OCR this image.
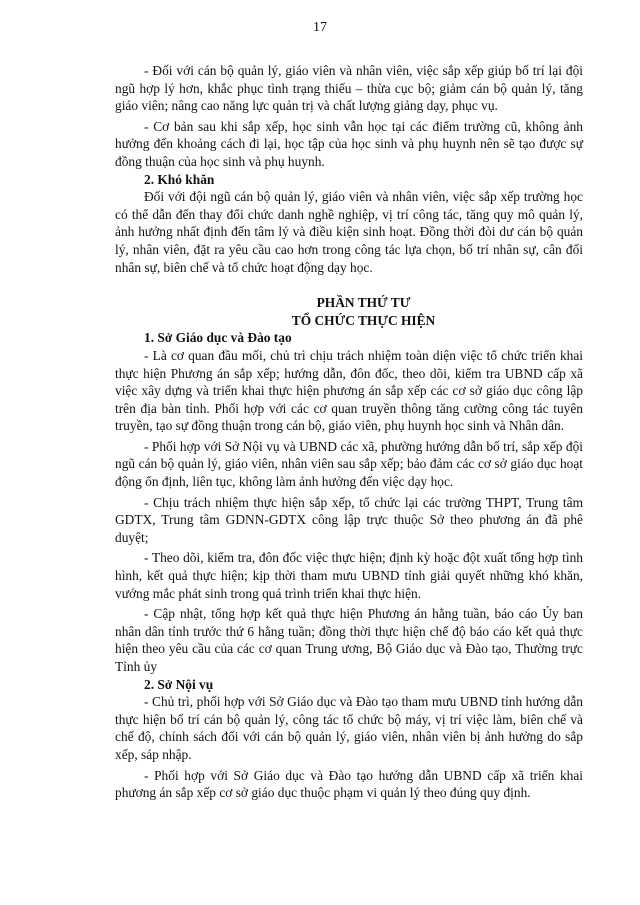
17

- Đối với cán bộ quản lý, giáo viên và nhân viên, việc sắp xếp giúp bố trí lại đội ngũ hợp lý hơn, khắc phục tình trạng thiếu – thừa cục bộ; giảm cán bộ quản lý, tăng giáo viên; nâng cao năng lực quản trị và chất lượng giảng dạy, phục vụ.

- Cơ bản sau khi sắp xếp, học sinh vẫn học tại các điểm trường cũ, không ảnh hưởng đến khoảng cách đi lại, học tập của học sinh và phụ huynh nên sẽ tạo được sự đồng thuận của học sinh và phụ huynh.

2. Khó khăn

Đối với đội ngũ cán bộ quản lý, giáo viên và nhân viên, việc sắp xếp trường học có thể dẫn đến thay đổi chức danh nghề nghiệp, vị trí công tác, tăng quy mô quản lý, ảnh hưởng nhất định đến tâm lý và điều kiện sinh hoạt. Đồng thời đòi dư cán bộ quản lý, nhân viên, đặt ra yêu cầu cao hơn trong công tác lựa chọn, bố trí nhân sự, cân đối nhân sự, biên chế và tổ chức hoạt động dạy học.

PHẦN THỨ TƯ

TỔ CHỨC THỰC HIỆN

1. Sở Giáo dục và Đào tạo

- Là cơ quan đầu mối, chủ trì chịu trách nhiệm toàn diện việc tổ chức triển khai thực hiện Phương án sắp xếp; hướng dẫn, đôn đốc, theo dõi, kiểm tra UBND cấp xã việc xây dựng và triển khai thực hiện phương án sắp xếp các cơ sở giáo dục công lập trên địa bàn tỉnh. Phối hợp với các cơ quan truyền thông tăng cường công tác tuyên truyền, tạo sự đồng thuận trong cán bộ, giáo viên, phụ huynh học sinh và Nhân dân.

- Phối hợp với Sở Nội vụ và UBND các xã, phường hướng dẫn bố trí, sắp xếp đội ngũ cán bộ quản lý, giáo viên, nhân viên sau sắp xếp; bảo đảm các cơ sở giáo dục hoạt động ổn định, liên tục, không làm ảnh hưởng đến việc dạy học.

- Chịu trách nhiệm thực hiện sắp xếp, tổ chức lại các trường THPT, Trung tâm GDTX, Trung tâm GDNN-GDTX công lập trực thuộc Sở theo phương án đã phê duyệt;

- Theo dõi, kiểm tra, đôn đốc việc thực hiện; định kỳ hoặc đột xuất tổng hợp tình hình, kết quả thực hiện; kịp thời tham mưu UBND tỉnh giải quyết những khó khăn, vướng mắc phát sinh trong quá trình triển khai thực hiện.

- Cập nhật, tổng hợp kết quả thực hiện Phương án hằng tuần, báo cáo Ủy ban nhân dân tỉnh trước thứ 6 hằng tuần; đồng thời thực hiện chế độ báo cáo kết quả thực hiện theo yêu cầu của các cơ quan Trung ương, Bộ Giáo dục và Đào tạo, Thường trực Tỉnh ủy

2. Sở Nội vụ

- Chủ trì, phối hợp với Sở Giáo dục và Đào tạo tham mưu UBND tỉnh hướng dẫn thực hiện bố trí cán bộ quản lý, công tác tổ chức bộ máy, vị trí việc làm, biên chế và chế độ, chính sách đối với cán bộ quản lý, giáo viên, nhân viên bị ảnh hưởng do sắp xếp, sáp nhập.

- Phối hợp với Sở Giáo dục và Đào tạo hướng dẫn UBND cấp xã triển khai phương án sắp xếp cơ sở giáo dục thuộc phạm vi quản lý theo đúng quy định.
